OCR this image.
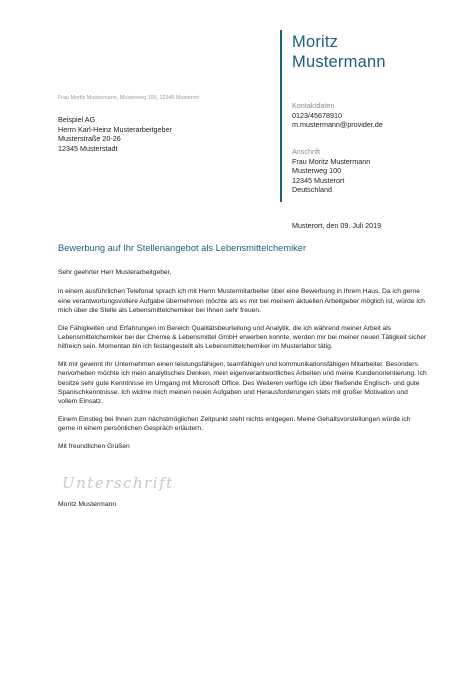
Moritz
Mustermann
Frau Moritz Mustermann, Musterweg 100, 12345 Musterort
Beispiel AG
Herrn Karl-Heinz Musterarbeitgeber
Musterstraße 20-26
12345 Musterstadt
Kontaktdaten
0123/45678910
m.mustermann@provider.de
Anschrift
Frau Moritz Mustermann
Musterweg 100
12345 Musterort
Deutschland
Musterort, den 09. Juli 2019
Bewerbung auf Ihr Stellenangebot als Lebensmittelchemiker

Sehr geehrter Herr Musterarbeitgeber,

in einem ausführlichen Telefonat sprach ich mit Herrn Mustermitarbeiter über eine Bewerbung in Ihrem Haus. Da ich gerne eine verantwortungsvollere Aufgabe übernehmen möchte als es mir bei meinem aktuellen Arbeitgeber möglich ist, würde ich mich über die Stelle als Lebensmittelchemiker bei Ihnen sehr freuen.

Die Fähigkeiten und Erfahrungen im Bereich Qualitätsbeurteilung und Analytik, die ich während meiner Arbeit als Lebensmittelchemiker bei der Chemie & Lebensmittel GmbH erwerben konnte, werden mir bei meiner neuen Tätigkeit sicher hilfreich sein. Momentan bin ich festangestellt als Lebensmittelchemiker im Musterlabor tätig.

Mit mir gewinnt Ihr Unternehmen einen leistungsfähigen, teamfähigen und kommunikationsfähigen Mitarbeiter. Besonders hervorheben möchte ich mein analytisches Denken, mein eigenverantwortliches Arbeiten und meine Kundenorientierung. Ich besitze sehr gute Kenntnisse im Umgang mit Microsoft Office. Des Weiteren verfüge ich über fließende Englisch- und gute Spanischkenntnisse. Ich widme mich meinen neuen Aufgaben und Herausforderungen stets mit großer Motivation und vollem Einsatz.

Einem Einstieg bei Ihnen zum nächstmöglichen Zeitpunkt steht nichts entgegen. Meine Gehaltsvorstellungen würde ich gerne in einem persönlichen Gespräch erläutern.

Mit freundlichen Grüßen

Unterschrift
Moritz Mustermann
